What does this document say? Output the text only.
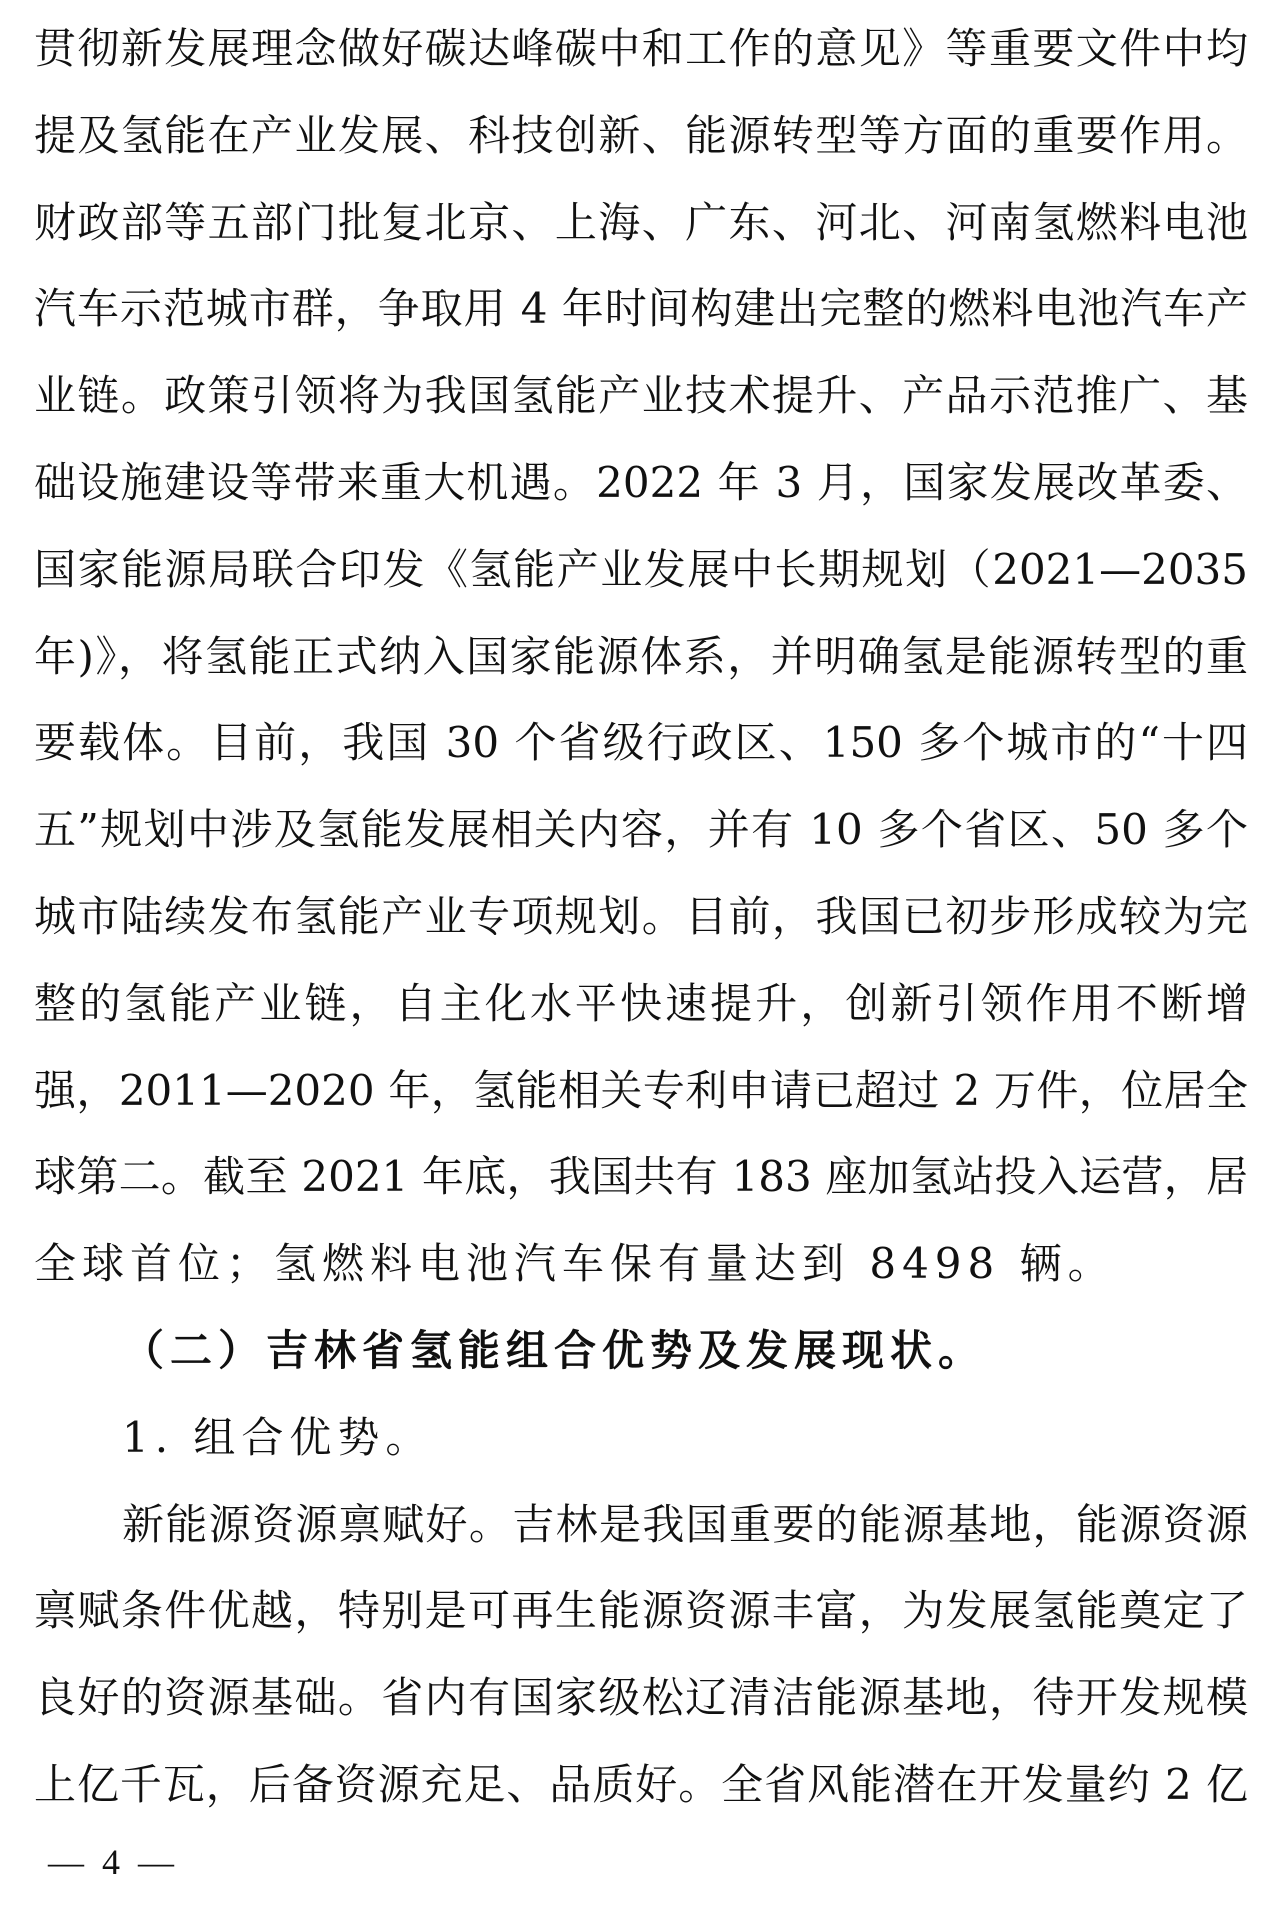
贯彻新发展理念做好碳达峰碳中和工作的意见》等重要文件中均
提及氢能在产业发展、科技创新、能源转型等方面的重要作用。
财政部等五部门批复北京、上海、广东、河北、河南氢燃料电池
汽车示范城市群，争取用 4 年时间构建出完整的燃料电池汽车产
业链。政策引领将为我国氢能产业技术提升、产品示范推广、基
础设施建设等带来重大机遇。2022 年 3 月，国家发展改革委、
国家能源局联合印发《氢能产业发展中长期规划（2021—2035
年)》，将氢能正式纳入国家能源体系，并明确氢是能源转型的重
要载体。目前，我国 30 个省级行政区、150 多个城市的“十四
五”规划中涉及氢能发展相关内容，并有 10 多个省区、50 多个
城市陆续发布氢能产业专项规划。目前，我国已初步形成较为完
整的氢能产业链，自主化水平快速提升，创新引领作用不断增
强，2011—2020 年，氢能相关专利申请已超过 2 万件，位居全
球第二。截至 2021 年底，我国共有 183 座加氢站投入运营，居
全球首位；氢燃料电池汽车保有量达到 8498 辆。
（二）吉林省氢能组合优势及发展现状。
1. 组合优势。
新能源资源禀赋好。吉林是我国重要的能源基地，能源资源
禀赋条件优越，特别是可再生能源资源丰富，为发展氢能奠定了
良好的资源基础。省内有国家级松辽清洁能源基地，待开发规模
上亿千瓦，后备资源充足、品质好。全省风能潜在开发量约 2 亿
—  4  —
